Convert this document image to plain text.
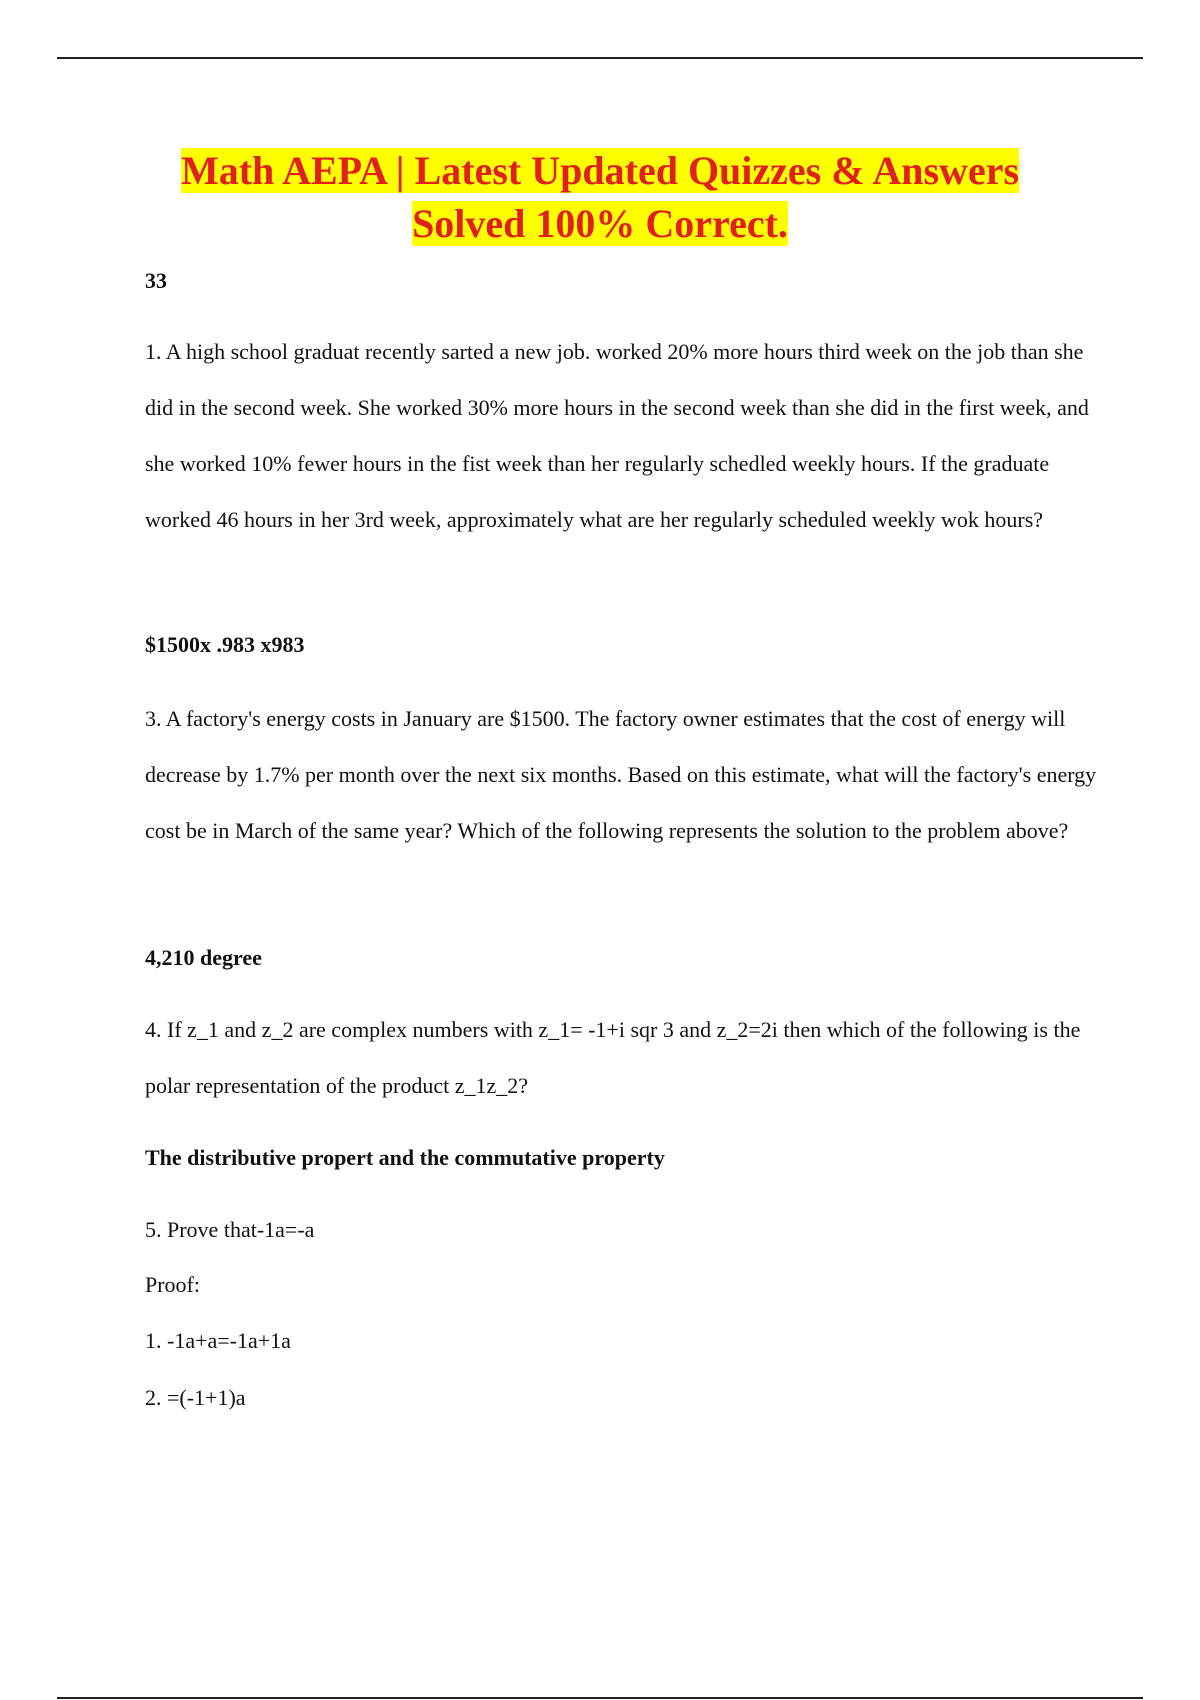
Math AEPA | Latest Updated Quizzes & Answers
Solved 100% Correct.

33

1. A high school graduat recently sarted a new job. worked 20% more hours third week on the job than she did in the second week. She worked 30% more hours in the second week than she did in the first week, and she worked 10% fewer hours in the fist week than her regularly schedled weekly hours. If the graduate worked 46 hours in her 3rd week, approximately what are her regularly scheduled weekly wok hours?

$1500x .983 x983

3. A factory's energy costs in January are $1500. The factory owner estimates that the cost of energy will decrease by 1.7% per month over the next six months. Based on this estimate, what will the factory's energy cost be in March of the same year? Which of the following represents the solution to the problem above?

4,210 degree

4. If z_1 and z_2 are complex numbers with z_1= -1+i sqr 3 and z_2=2i then which of the following is the polar representation of the product z_1z_2?

The distributive propert and the commutative property

5. Prove that-1a=-a

Proof:

1. -1a+a=-1a+1a

2. =(-1+1)a
